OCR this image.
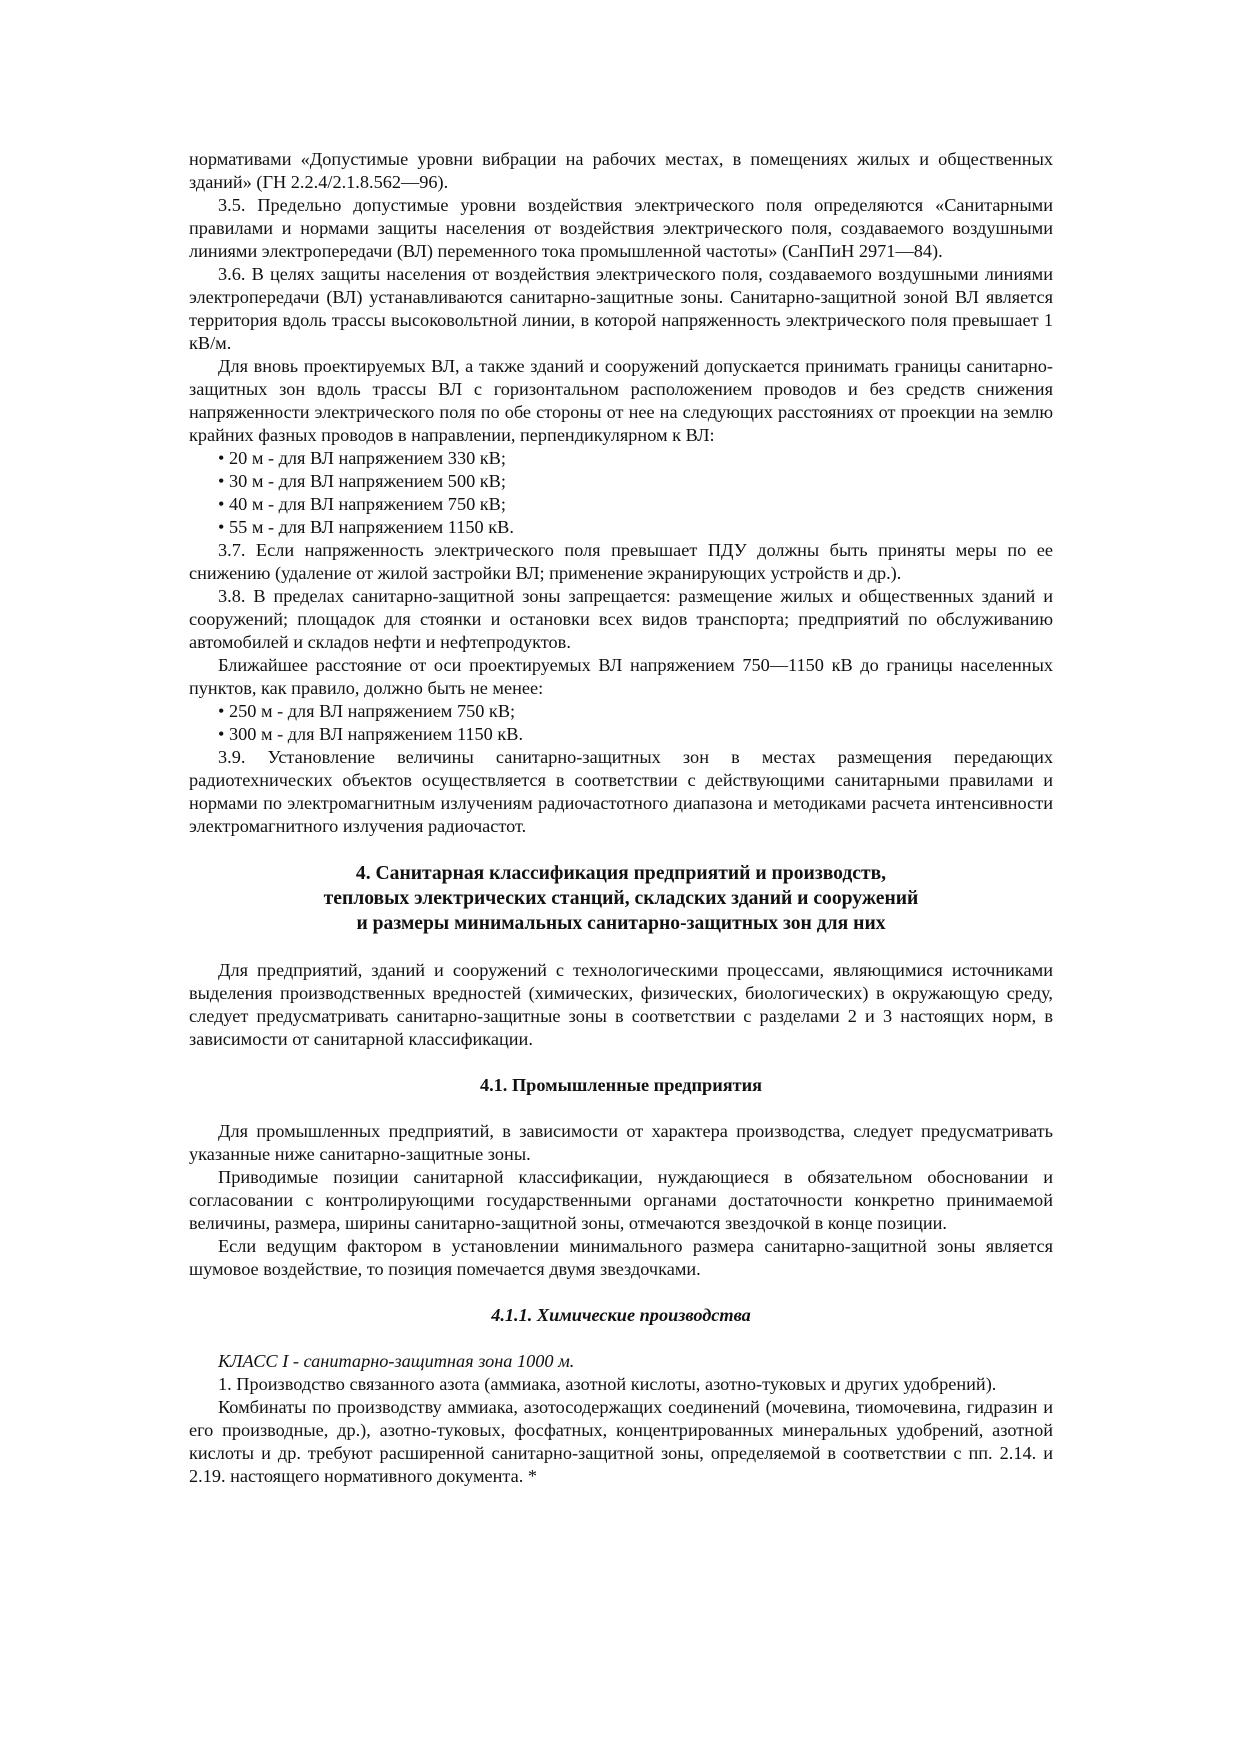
нормативами «Допустимые уровни вибрации на рабочих местах, в помещениях жилых и общественных зданий» (ГН 2.2.4/2.1.8.562—96).

3.5. Предельно допустимые уровни воздействия электрического поля определяются «Санитарными правилами и нормами защиты населения от воздействия электрического поля, создаваемого воздушными линиями электропередачи (ВЛ) переменного тока промышленной частоты» (СанПиН 2971—84).

3.6. В целях защиты населения от воздействия электрического поля, создаваемого воздушными линиями электропередачи (ВЛ) устанавливаются санитарно-защитные зоны. Санитарно-защитной зоной ВЛ является территория вдоль трассы высоковольтной линии, в которой напряженность электрического поля превышает 1 кВ/м.

Для вновь проектируемых ВЛ, а также зданий и сооружений допускается принимать границы санитарно-защитных зон вдоль трассы ВЛ с горизонтальном расположением проводов и без средств снижения напряженности электрического поля по обе стороны от нее на следующих расстояниях от проекции на землю крайних фазных проводов в направлении, перпендикулярном к ВЛ:

• 20 м - для ВЛ напряжением 330 кВ;

• 30 м - для ВЛ напряжением 500 кВ;

• 40 м - для ВЛ напряжением 750 кВ;

• 55 м - для ВЛ напряжением 1150 кВ.

3.7. Если напряженность электрического поля превышает ПДУ должны быть приняты меры по ее снижению (удаление от жилой застройки ВЛ; применение экранирующих устройств и др.).

3.8. В пределах санитарно-защитной зоны запрещается: размещение жилых и общественных зданий и сооружений; площадок для стоянки и остановки всех видов транспорта; предприятий по обслуживанию автомобилей и складов нефти и нефтепродуктов.

Ближайшее расстояние от оси проектируемых ВЛ напряжением 750—1150 кВ до границы населенных пунктов, как правило, должно быть не менее:

• 250 м - для ВЛ напряжением 750 кВ;

• 300 м - для ВЛ напряжением 1150 кВ.

3.9. Установление величины санитарно-защитных зон в местах размещения передающих радиотехнических объектов осуществляется в соответствии с действующими санитарными правилами и нормами по электромагнитным излучениям радиочастотного диапазона и методиками расчета интенсивности электромагнитного излучения радиочастот.

4. Санитарная классификация предприятий и производств,
тепловых электрических станций, складских зданий и сооружений
и размеры минимальных санитарно-защитных зон для них

Для предприятий, зданий и сооружений с технологическими процессами, являющимися источниками выделения производственных вредностей (химических, физических, биологических) в окружающую среду, следует предусматривать санитарно-защитные зоны в соответствии с разделами 2 и 3 настоящих норм, в зависимости от санитарной классификации.

4.1. Промышленные предприятия

Для промышленных предприятий, в зависимости от характера производства, следует предусматривать указанные ниже санитарно-защитные зоны.

Приводимые позиции санитарной классификации, нуждающиеся в обязательном обосновании и согласовании с контролирующими государственными органами достаточности конкретно принимаемой величины, размера, ширины санитарно-защитной зоны, отмечаются звездочкой в конце позиции.

Если ведущим фактором в установлении минимального размера санитарно-защитной зоны является шумовое воздействие, то позиция помечается двумя звездочками.

4.1.1. Химические производства

КЛАСС I - санитарно-защитная зона 1000 м.

1. Производство связанного азота (аммиака, азотной кислоты, азотно-туковых и других удобрений).

Комбинаты по производству аммиака, азотосодержащих соединений (мочевина, тиомочевина, гидразин и его производные, др.), азотно-туковых, фосфатных, концентрированных минеральных удобрений, азотной кислоты и др. требуют расширенной санитарно-защитной зоны, определяемой в соответствии с пп. 2.14. и 2.19. настоящего нормативного документа. *
